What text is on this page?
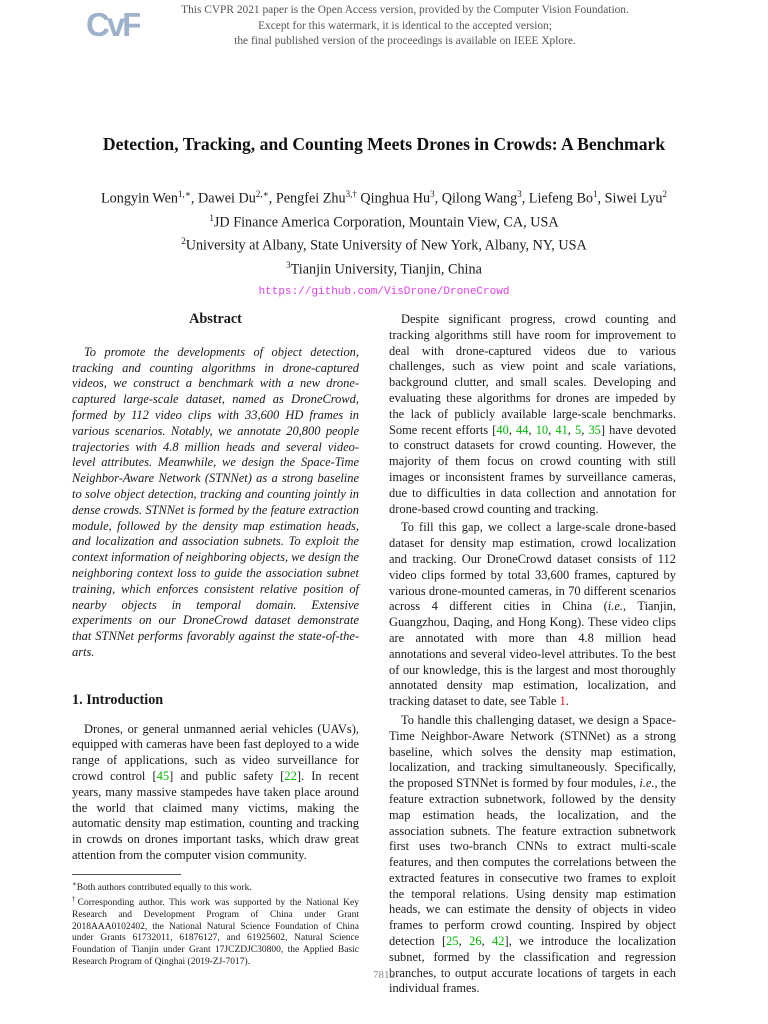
CvF	This CVPR 2021 paper is the Open Access version, provided by the Computer Vision Foundation.
Except for this watermark, it is identical to the accepted version;
the final published version of the proceedings is available on IEEE Xplore.
Detection, Tracking, and Counting Meets Drones in Crowds: A Benchmark
Longyin Wen$^{1,∗}$, Dawei $Du^{2,∗}$, Pengfei Zhu$^{3,\dagger}$ Qinghua Hu$^3$, Qilong Wang$^3$, Liefeng Bo$^1$, Siwei Lyu$^2$
$^1$JD Finance America Corporation, Mountain View, CA, USA
$^2$University at Albany, State University of New York, Albany, NY, USA
$^3$Tianjin University, Tianjin, China
https://github.com/VisDrone/DroneCrowd
Abstract

To promote the developments of object detection, tracking and counting algorithms in drone-captured videos, we construct a benchmark with a new drone-captured large-scale dataset, named as DroneCrowd, formed by 112 video clips with 33,600 HD frames in various scenarios. Notably, we annotate 20,800 people trajectories with 4.8 million heads and several video-level attributes. Meanwhile, we design the Space-Time Neighbor-Aware Network (STNNet) as a strong baseline to solve object detection, tracking and counting jointly in dense crowds. STNNet is formed by the feature extraction module, followed by the density map estimation heads, and localization and association subnets. To exploit the context information of neighboring objects, we design the neighboring context loss to guide the association subnet training, which enforces consistent relative position of nearby objects in temporal domain. Extensive experiments on our DroneCrowd dataset demonstrate that STNNet performs favorably against the state-of-the-arts.

1. Introduction

Drones, or general unmanned aerial vehicles (UAVs), equipped with cameras have been fast deployed to a wide range of applications, such as video surveillance for crowd control [45] and public safety [22]. In recent years, many massive stampedes have taken place around the world that claimed many victims, making the automatic density map estimation, counting and tracking in crowds on drones important tasks, which draw great attention from the computer vision community.

∗Both authors contributed equally to this work.

†Corresponding author. This work was supported by the National Key Research and Development Program of China under Grant 2018AAA0102402, the National Natural Science Foundation of China under Grants 61732011, 61876127, and 61925602, Natural Science Foundation of Tianjin under Grant 17JCZDJC30800, the Applied Basic Research Program of Qinghai (2019-ZJ-7017).

Despite significant progress, crowd counting and tracking algorithms still have room for improvement to deal with drone-captured videos due to various challenges, such as view point and scale variations, background clutter, and small scales. Developing and evaluating these algorithms for drones are impeded by the lack of publicly available large-scale benchmarks. Some recent efforts [40, 44, 10, 41, 5, 35] have devoted to construct datasets for crowd counting. However, the majority of them focus on crowd counting with still images or inconsistent frames by surveillance cameras, due to difficulties in data collection and annotation for drone-based crowd counting and tracking.

To fill this gap, we collect a large-scale drone-based dataset for density map estimation, crowd localization and tracking. Our DroneCrowd dataset consists of 112 video clips formed by total 33,600 frames, captured by various drone-mounted cameras, in 70 different scenarios across 4 different cities in China (i.e., Tianjin, Guangzhou, Daqing, and Hong Kong). These video clips are annotated with more than 4.8 million head annotations and several video-level attributes. To the best of our knowledge, this is the largest and most thoroughly annotated density map estimation, localization, and tracking dataset to date, see Table 1.

To handle this challenging dataset, we design a Space-Time Neighbor-Aware Network (STNNet) as a strong baseline, which solves the density map estimation, localization, and tracking simultaneously. Specifically, the proposed STNNet is formed by four modules, i.e., the feature extraction subnetwork, followed by the density map estimation heads, the localization, and the association subnets. The feature extraction subnetwork first uses two-branch CNNs to extract multi-scale features, and then computes the correlations between the extracted features in consecutive two frames to exploit the temporal relations. Using density map estimation heads, we can estimate the density of objects in video frames to perform crowd counting. Inspired by object detection [25, 26, 42], we introduce the localization subnet, formed by the classification and regression branches, to output accurate locations of targets in each individual frames.

7812
